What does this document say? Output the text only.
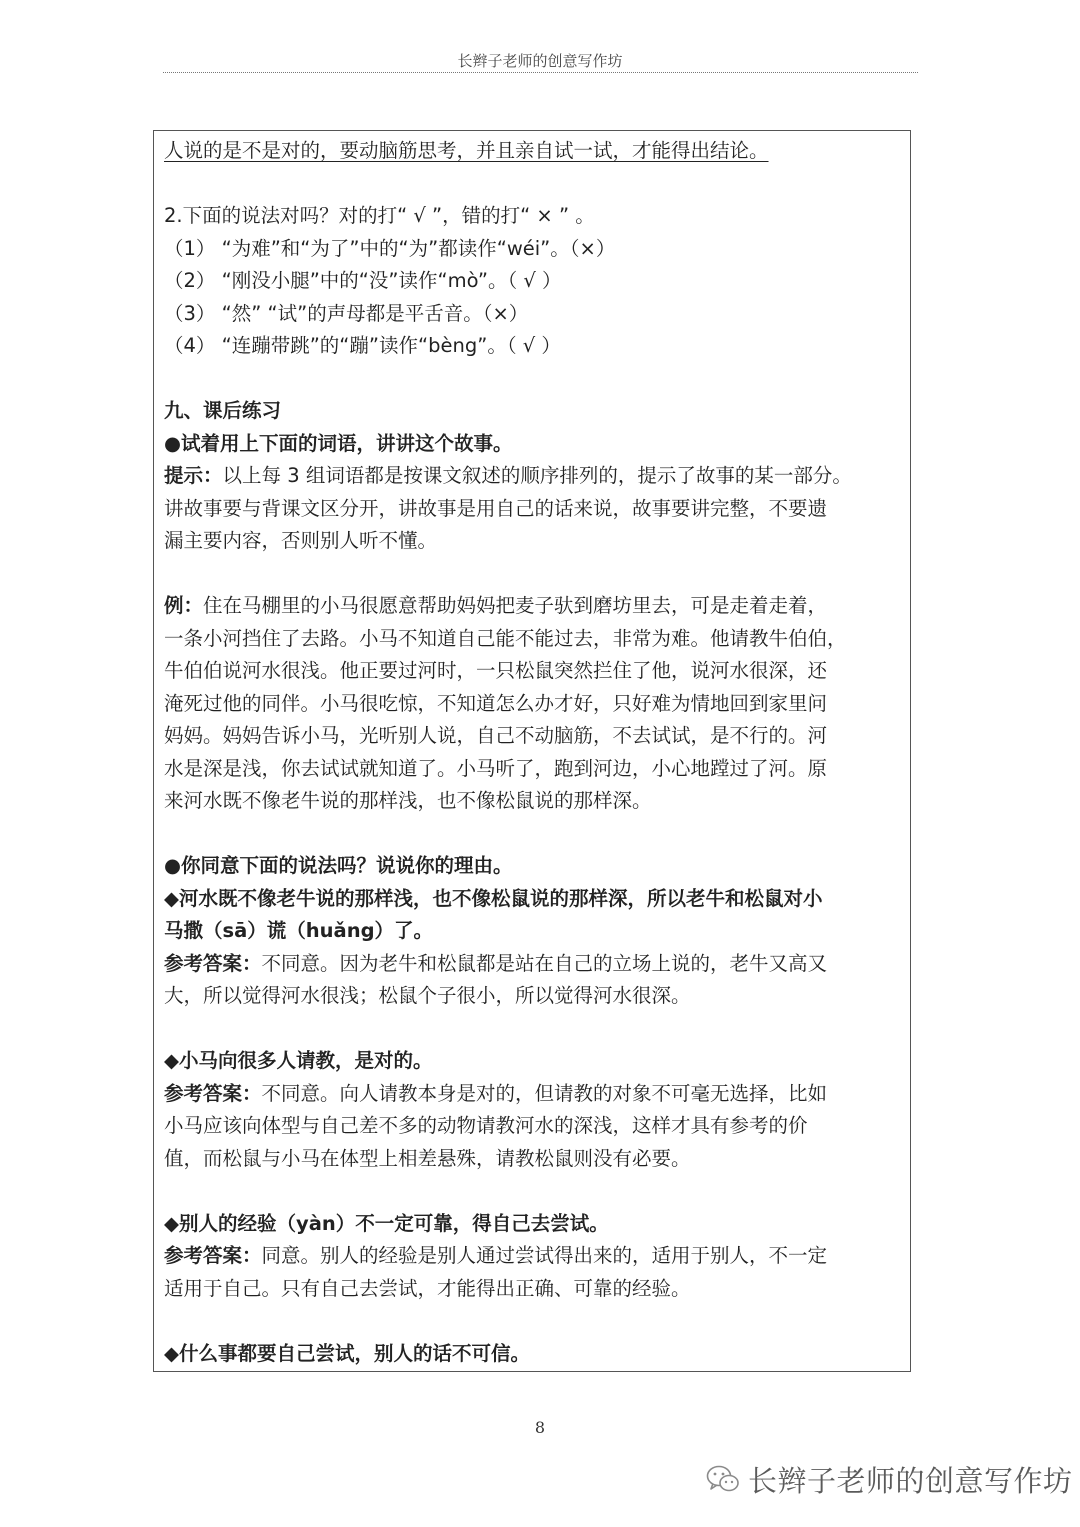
长辫子老师的创意写作坊
人说的是不是对的，要动脑筋思考，并且亲自试一试，才能得出结论。
2.下面的说法对吗？对的打“ √ ”，错的打“ × ” 。
（1） “为难”和“为了”中的“为”都读作“wéi”。（×）
（2） “刚没小腿”中的“没”读作“mò”。（ √ ）
（3） “然” “试”的声母都是平舌音。（×）
（4） “连蹦带跳”的“蹦”读作“bèng”。（ √ ）
九、课后练习
●试着用上下面的词语，讲讲这个故事。
提示：以上每 3 组词语都是按课文叙述的顺序排列的，提示了故事的某一部分。
讲故事要与背课文区分开，讲故事是用自己的话来说，故事要讲完整，不要遗
漏主要内容，否则别人听不懂。
例：住在马棚里的小马很愿意帮助妈妈把麦子驮到磨坊里去，可是走着走着，
一条小河挡住了去路。小马不知道自己能不能过去，非常为难。他请教牛伯伯，
牛伯伯说河水很浅。他正要过河时，一只松鼠突然拦住了他，说河水很深，还
淹死过他的同伴。小马很吃惊，不知道怎么办才好，只好难为情地回到家里问
妈妈。妈妈告诉小马，光听别人说，自己不动脑筋，不去试试，是不行的。河
水是深是浅，你去试试就知道了。小马听了，跑到河边，小心地蹚过了河。原
来河水既不像老牛说的那样浅，也不像松鼠说的那样深。
●你同意下面的说法吗？说说你的理由。
◆河水既不像老牛说的那样浅，也不像松鼠说的那样深，所以老牛和松鼠对小
马撒（sā）谎（huǎng）了。
参考答案：不同意。因为老牛和松鼠都是站在自己的立场上说的，老牛又高又
大，所以觉得河水很浅；松鼠个子很小，所以觉得河水很深。
◆小马向很多人请教，是对的。
参考答案：不同意。向人请教本身是对的，但请教的对象不可毫无选择，比如
小马应该向体型与自己差不多的动物请教河水的深浅，这样才具有参考的价
值，而松鼠与小马在体型上相差悬殊，请教松鼠则没有必要。
◆别人的经验（yàn）不一定可靠，得自己去尝试。
参考答案：同意。别人的经验是别人通过尝试得出来的，适用于别人，不一定
适用于自己。只有自己去尝试，才能得出正确、可靠的经验。
◆什么事都要自己尝试，别人的话不可信。
8
长辫子老师的创意写作坊
